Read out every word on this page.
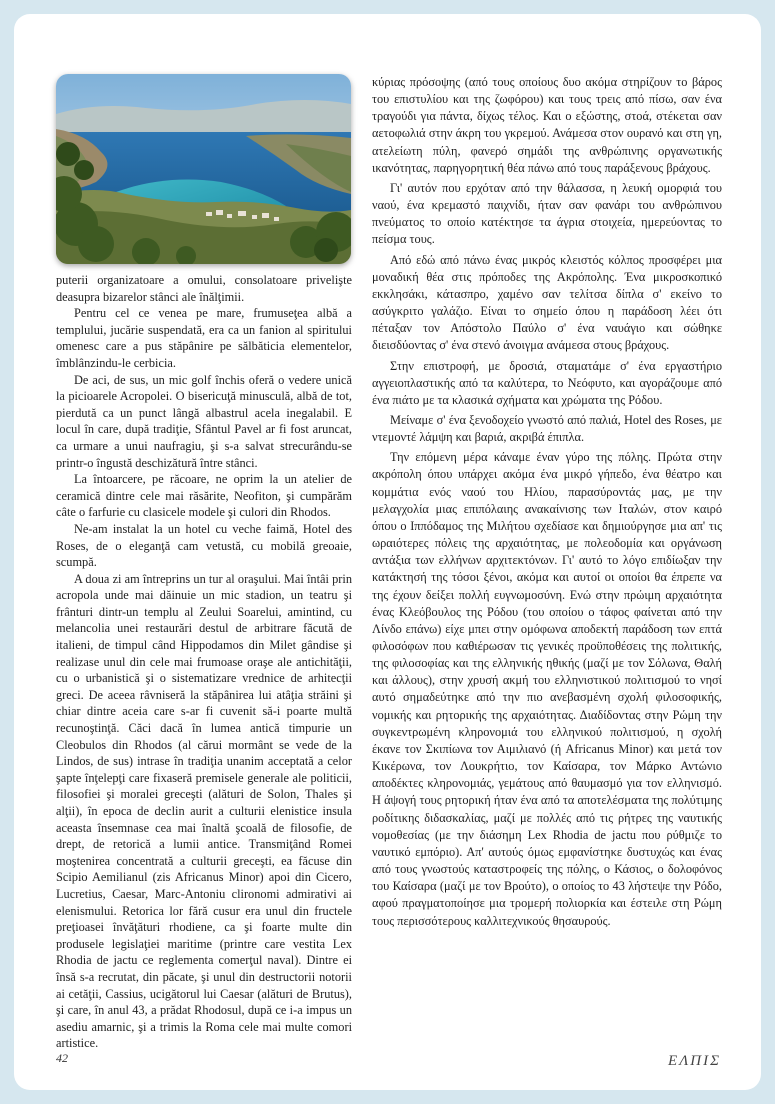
puterii organizatoare a omului, consolatoare privelişte deasupra bizarelor stânci ale înălţimii.

Pentru cel ce venea pe mare, frumuseţea albă a templului, jucărie suspendată, era ca un fanion al spiritului omenesc care a pus stăpânire pe sălbăticia elementelor, îmblânzindu-le cerbicia.

De aci, de sus, un mic golf închis oferă o vedere unică la picioarele Acropolei. O bisericuţă minusculă, albă de tot, pierdută ca un punct lângă albastrul acela inegalabil. E locul în care, după tradiţie, Sfântul Pavel ar fi fost aruncat, ca urmare a unui naufragiu, şi s-a salvat strecurându-se printr-o îngustă deschizătură între stânci.

La întoarcere, pe răcoare, ne oprim la un atelier de ceramică dintre cele mai răsărite, Neofiton, şi cumpărăm câte o farfurie cu clasicele modele şi culori din Rhodos.

Ne-am instalat la un hotel cu veche faimă, Hotel des Roses, de o eleganţă cam vetustă, cu mobilă greoaie, scumpă.

A doua zi am întreprins un tur al oraşului. Mai întâi prin acropola unde mai dăinuie un mic stadion, un teatru şi frânturi dintr-un templu al Zeului Soarelui, amintind, cu melancolia unei restaurări destul de arbitrare făcută de italieni, de timpul când Hippodamos din Milet gândise şi realizase unul din cele mai frumoase oraşe ale antichităţii, cu o urbanistică şi o sistematizare vrednice de arhitecţii greci. De aceea râvniseră la stăpânirea lui atâţia străini şi chiar dintre aceia care s-ar fi cuvenit să-i poarte multă recunoştinţă. Căci dacă în lumea antică timpurie un Cleobulos din Rhodos (al cărui mormânt se vede de la Lindos, de sus) intrase în tradiţia unanim acceptată a celor şapte înţelepţi care fixaseră premisele generale ale politicii, filosofiei şi moralei greceşti (alături de Solon, Thales şi alţii), în epoca de declin aurit a culturii elenistice insula aceasta însemnase cea mai înaltă şcoală de filosofie, de drept, de retorică a lumii antice. Transmiţând Romei moştenirea concentrată a culturii greceşti, ea făcuse din Scipio Aemilianul (zis Africanus Minor) apoi din Cicero, Lucretius, Caesar, Marc-Antoniu clironomi admirativi ai elenismului. Retorica lor fără cusur era unul din fructele preţioasei învăţături rhodiene, ca şi foarte multe din produsele legislaţiei maritime (printre care vestita Lex Rhodia de jactu ce reglementa comerţul naval). Dintre ei însă s-a recrutat, din păcate, şi unul din destructorii notorii ai cetăţii, Cassius, ucigătorul lui Caesar (alături de Brutus), şi care, în anul 43, a prădat Rhodosul, după ce i-a impus un asediu amarnic, şi a trimis la Roma cele mai multe comori artistice.

κύριας πρόσοψης (από τους οποίους δυο ακόμα στηρίζουν το βάρος του επιστυλίου και της ζωφόρου) και τους τρεις από πίσω, σαν ένα τραγούδι για πάντα, δίχως τέλος. Και ο εξώστης, στοά, στέκεται σαν αετοφωλιά στην άκρη του γκρεμού. Ανάμεσα στον ουρανό και στη γη, ατελείωτη πύλη, φανερό σημάδι της ανθρώπινης οργανωτικής ικανότητας, παρηγορητική θέα πάνω από τους παράξενους βράχους.

Γι' αυτόν που ερχόταν από την θάλασσα, η λευκή ομορφιά του ναού, ένα κρεμαστό παιχνίδι, ήταν σαν φανάρι του ανθρώπινου πνεύματος το οποίο κατέκτησε τα άγρια στοιχεία, ημερεύοντας το πείσμα τους.

Από εδώ από πάνω ένας μικρός κλειστός κόλπος προσφέρει μια μοναδική θέα στις πρόποδες της Ακρόπολης. Ένα μικροσκοπικό εκκλησάκι, κάτασπρο, χαμένο σαν τελίτσα δίπλα σ' εκείνο το ασύγκριτο γαλάζιο. Είναι το σημείο όπου η παράδοση λέει ότι πέταξαν τον Απόστολο Παύλο σ' ένα ναυάγιο και σώθηκε διεισδύοντας σ' ένα στενό άνοιγμα ανάμεσα στους βράχους.

Στην επιστροφή, με δροσιά, σταματάμε σ' ένα εργαστήριο αγγειοπλαστικής από τα καλύτερα, το Νεόφυτο, και αγοράζουμε από ένα πιάτο με τα κλασικά σχήματα και χρώματα της Ρόδου.

Μείναμε σ' ένα ξενοδοχείο γνωστό από παλιά, Hotel des Roses, με ντεμοντέ λάμψη και βαριά, ακριβά έπιπλα.

Την επόμενη μέρα κάναμε έναν γύρο της πόλης. Πρώτα στην ακρόπολη όπου υπάρχει ακόμα ένα μικρό γήπεδο, ένα θέατρο και κομμάτια ενός ναού του Ηλίου, παρασύροντάς μας, με την μελαγχολία μιας επιπόλαιης ανακαίνισης των Ιταλών, στον καιρό όπου ο Ιππόδαμος της Μιλήτου σχεδίασε και δημιούργησε μια απ' τις ωραιότερες πόλεις της αρχαιότητας, με πολεοδομία και οργάνωση αντάξια των ελλήνων αρχιτεκτόνων. Γι' αυτό το λόγο επιδίωξαν την κατάκτησή της τόσοι ξένοι, ακόμα και αυτοί οι οποίοι θα έπρεπε να της έχουν δείξει πολλή ευγνωμοσύνη. Ενώ στην πρώιμη αρχαιότητα ένας Κλεόβουλος της Ρόδου (του οποίου ο τάφος φαίνεται από την Λίνδο επάνω) είχε μπει στην ομόφωνα αποδεκτή παράδοση των επτά φιλοσόφων που καθιέρωσαν τις γενικές προϋποθέσεις της πολιτικής, της φιλοσοφίας και της ελληνικής ηθικής (μαζί με τον Σόλωνα, Θαλή και άλλους), στην χρυσή ακμή του ελληνιστικού πολιτισμού το νησί αυτό σημαδεύτηκε από την πιο ανεβασμένη σχολή φιλοσοφικής, νομικής και ρητορικής της αρχαιότητας. Διαδίδοντας στην Ρώμη την συγκεντρωμένη κληρονομιά του ελληνικού πολιτισμού, η σχολή έκανε τον Σκιπίωνα τον Αιμιλιανό (ή Africanus Minor) και μετά τον Κικέρωνα, τον Λουκρήτιο, τον Καίσαρα, τον Μάρκο Αντώνιο αποδέκτες κληρονομιάς, γεμάτους από θαυμασμό για τον ελληνισμό. Η άψογή τους ρητορική ήταν ένα από τα αποτελέσματα της πολύτιμης ροδίτικης διδασκαλίας, μαζί με πολλές από τις ρήτρες της ναυτικής νομοθεσίας (με την διάσημη Lex Rhodia de jactu που ρύθμιζε το ναυτικό εμπόριο). Απ' αυτούς όμως εμφανίστηκε δυστυχώς και ένας από τους γνωστούς καταστροφείς της πόλης, ο Κάσιος, ο δολοφόνος του Καίσαρα (μαζί με τον Βρούτο), ο οποίος το 43 λήστεψε την Ρόδο, αφού πραγματοποίησε μια τρομερή πολιορκία και έστειλε στη Ρώμη τους περισσότερους καλλιτεχνικούς θησαυρούς.

42	ΕΛΠΙΣ
